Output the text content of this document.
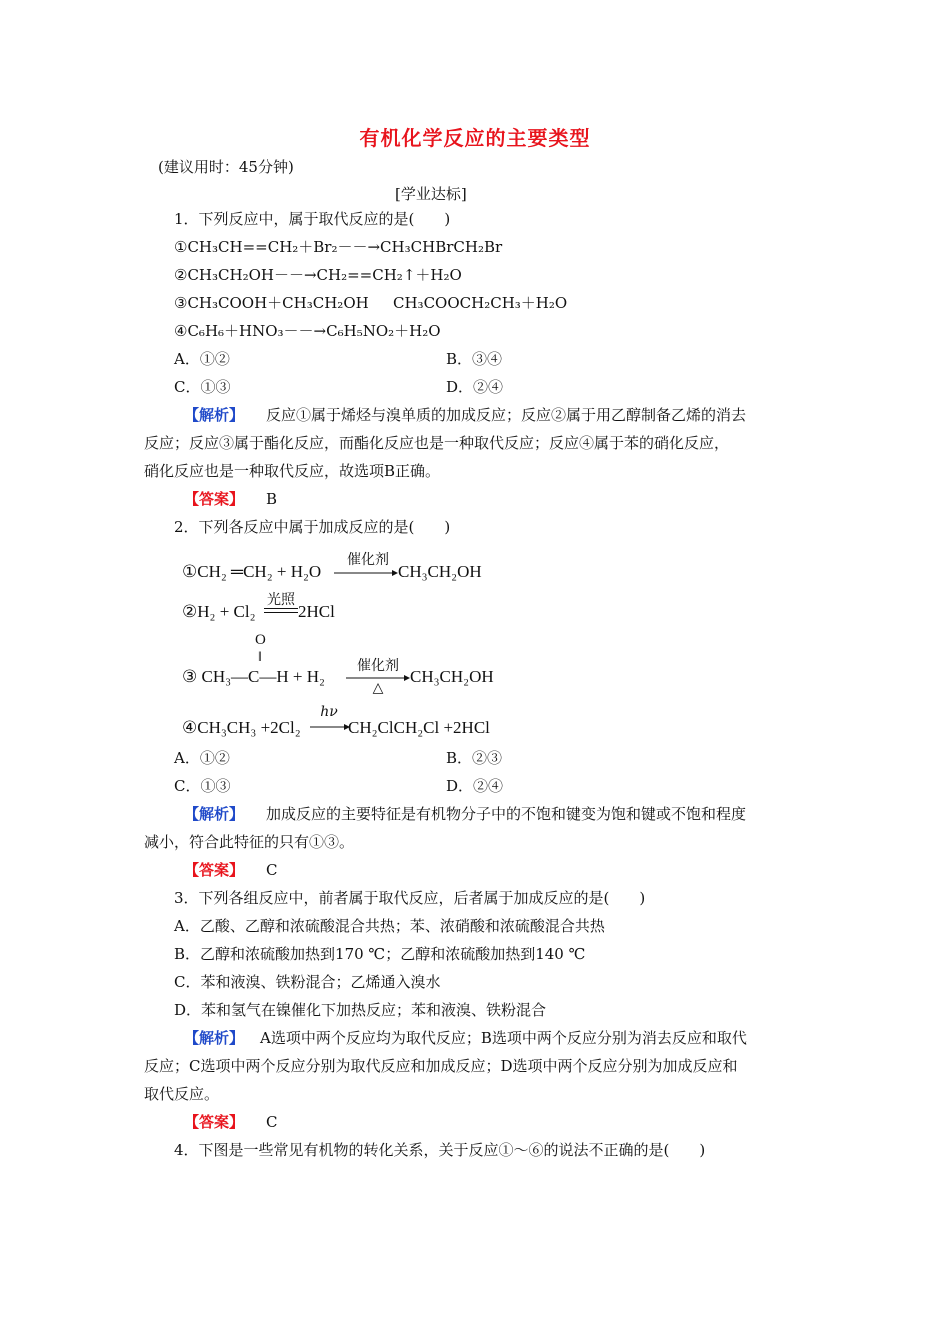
有机化学反应的主要类型
(建议用时：45分钟)
[学业达标]
1．下列反应中，属于取代反应的是(　　)
①CH₃CH==CH₂＋Br₂－－→CH₃CHBrCH₂Br
②CH₃CH₂OH－－→CH₂==CH₂↑＋H₂O
③CH₃COOH＋CH₃CH₂OH CH₃COOCH₂CH₃＋H₂O
④C₆H₆＋HNO₃－－→C₆H₅NO₂＋H₂O
A．①②	B．③④
C．①③	D．②④
【解析】 反应①属于烯烃与溴单质的加成反应；反应②属于用乙醇制备乙烯的消去
反应；反应③属于酯化反应，而酯化反应也是一种取代反应；反应④属于苯的硝化反应，
硝化反应也是一种取代反应，故选项B正确。
【答案】 B
2．下列各反应中属于加成反应的是(　　)
①CH₂ ═CH₂ + H₂O
催化剂
CH₃CH₂OH
②H₂ + Cl₂
光照
2HCl
O
‖
③ CH₃—C—H + H₂
催化剂
△
CH₃CH₂OH
④CH₃CH₃ +2Cl₂
hν
CH₂ClCH₂Cl +2HCl
A．①②	B．②③
C．①③	D．②④
【解析】 加成反应的主要特征是有机物分子中的不饱和键变为饱和键或不饱和程度
减小，符合此特征的只有①③。
【答案】 C
3．下列各组反应中，前者属于取代反应，后者属于加成反应的是(　　)
A．乙酸、乙醇和浓硫酸混合共热；苯、浓硝酸和浓硫酸混合共热
B．乙醇和浓硫酸加热到170 ℃；乙醇和浓硫酸加热到140 ℃
C．苯和液溴、铁粉混合；乙烯通入溴水
D．苯和氢气在镍催化下加热反应；苯和液溴、铁粉混合
【解析】 A选项中两个反应均为取代反应；B选项中两个反应分别为消去反应和取代
反应；C选项中两个反应分别为取代反应和加成反应；D选项中两个反应分别为加成反应和
取代反应。
【答案】 C
4．下图是一些常见有机物的转化关系，关于反应①～⑥的说法不正确的是(　　)
